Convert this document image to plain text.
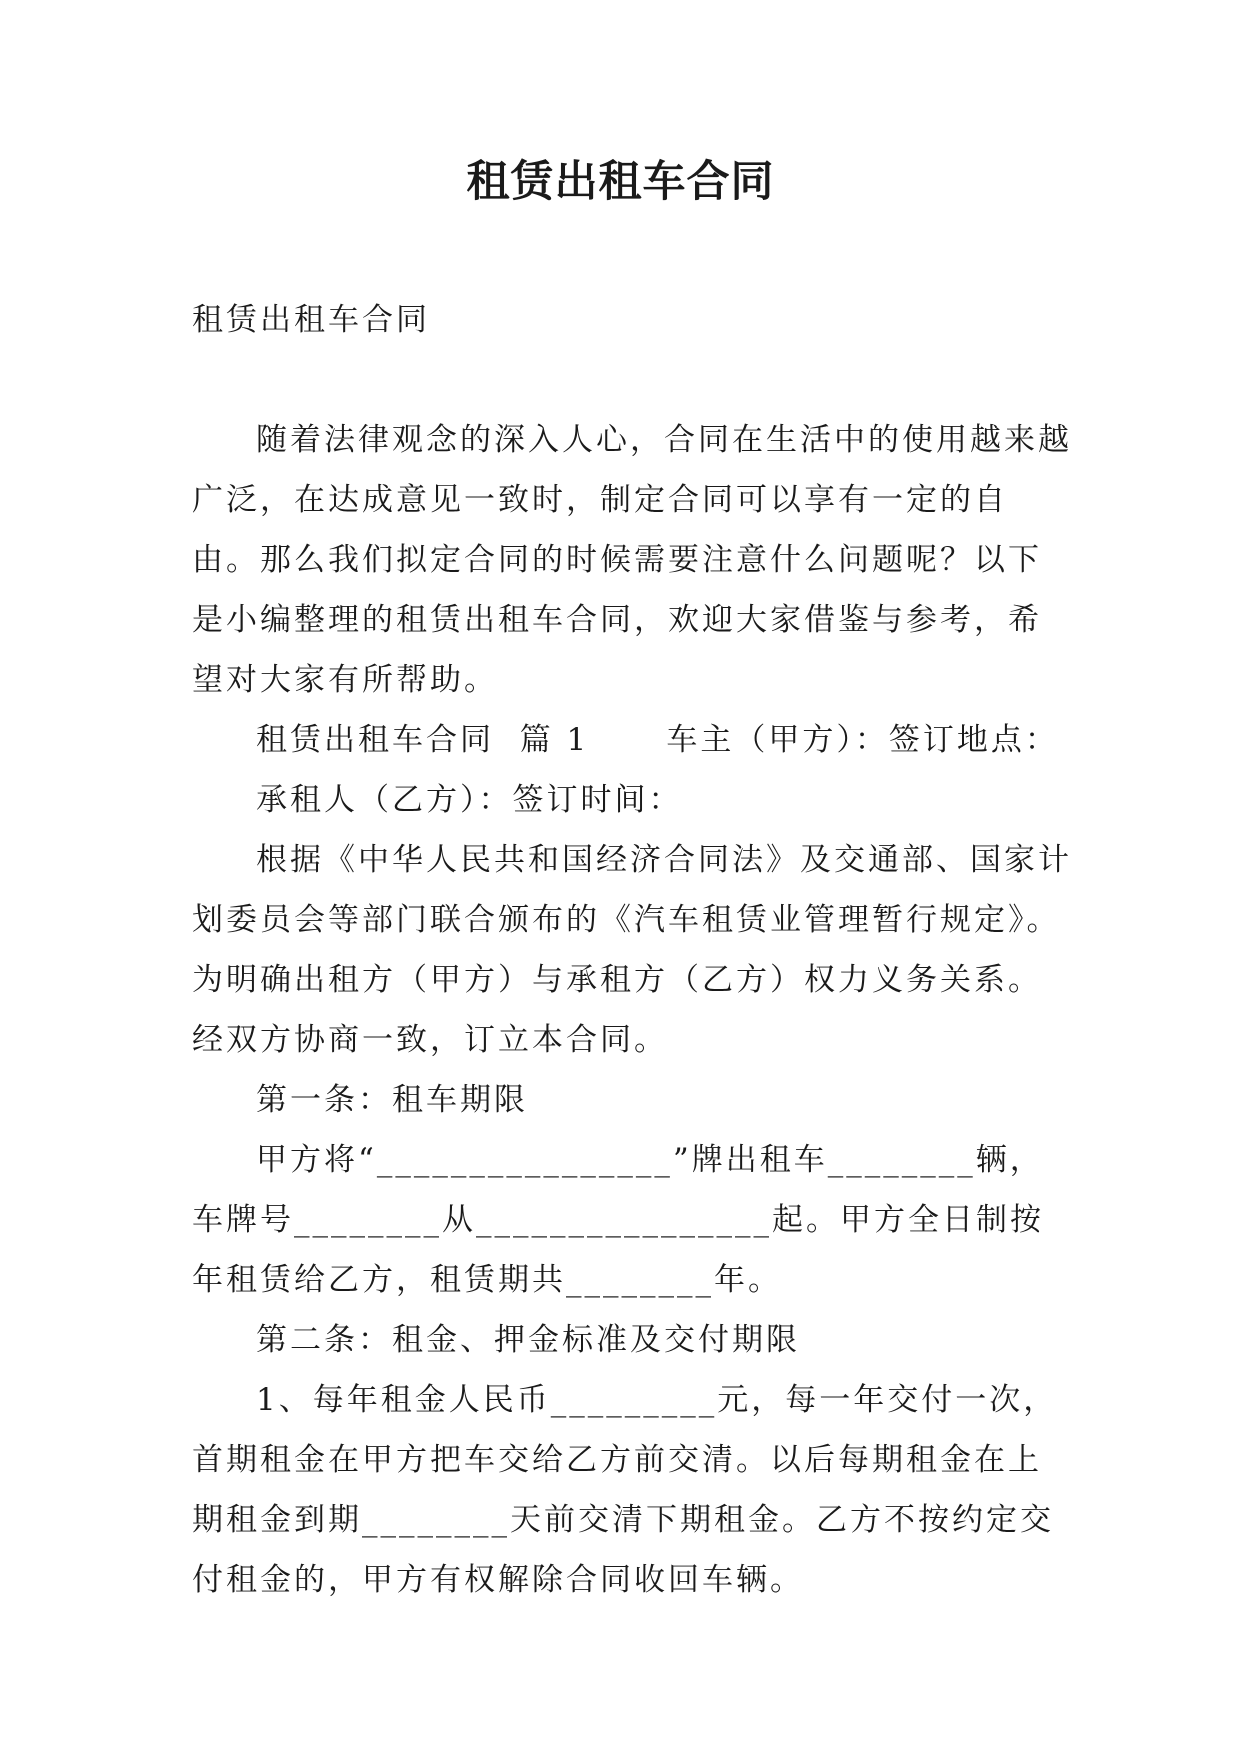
租赁出租车合同

租赁出租车合同

随着法律观念的深入人心，合同在生活中的使用越来越广泛，在达成意见一致时，制定合同可以享有一定的自由。那么我们拟定合同的时候需要注意什么问题呢？以下是小编整理的租赁出租车合同，欢迎大家借鉴与参考，希望对大家有所帮助。

租赁出租车合同  篇 1      车主（甲方）：签订地点：

承租人（乙方）：签订时间：

根据《中华人民共和国经济合同法》及交通部、国家计划委员会等部门联合颁布的《汽车租赁业管理暂行规定》。为明确出租方（甲方）与承租方（乙方）权力义务关系。经双方协商一致，订立本合同。

第一条：租车期限

甲方将“________________”牌出租车________辆，车牌号________从________________起。甲方全日制按年租赁给乙方，租赁期共________年。

第二条：租金、押金标准及交付期限

1、每年租金人民币_________元，每一年交付一次，首期租金在甲方把车交给乙方前交清。以后每期租金在上期租金到期________天前交清下期租金。乙方不按约定交付租金的，甲方有权解除合同收回车辆。
